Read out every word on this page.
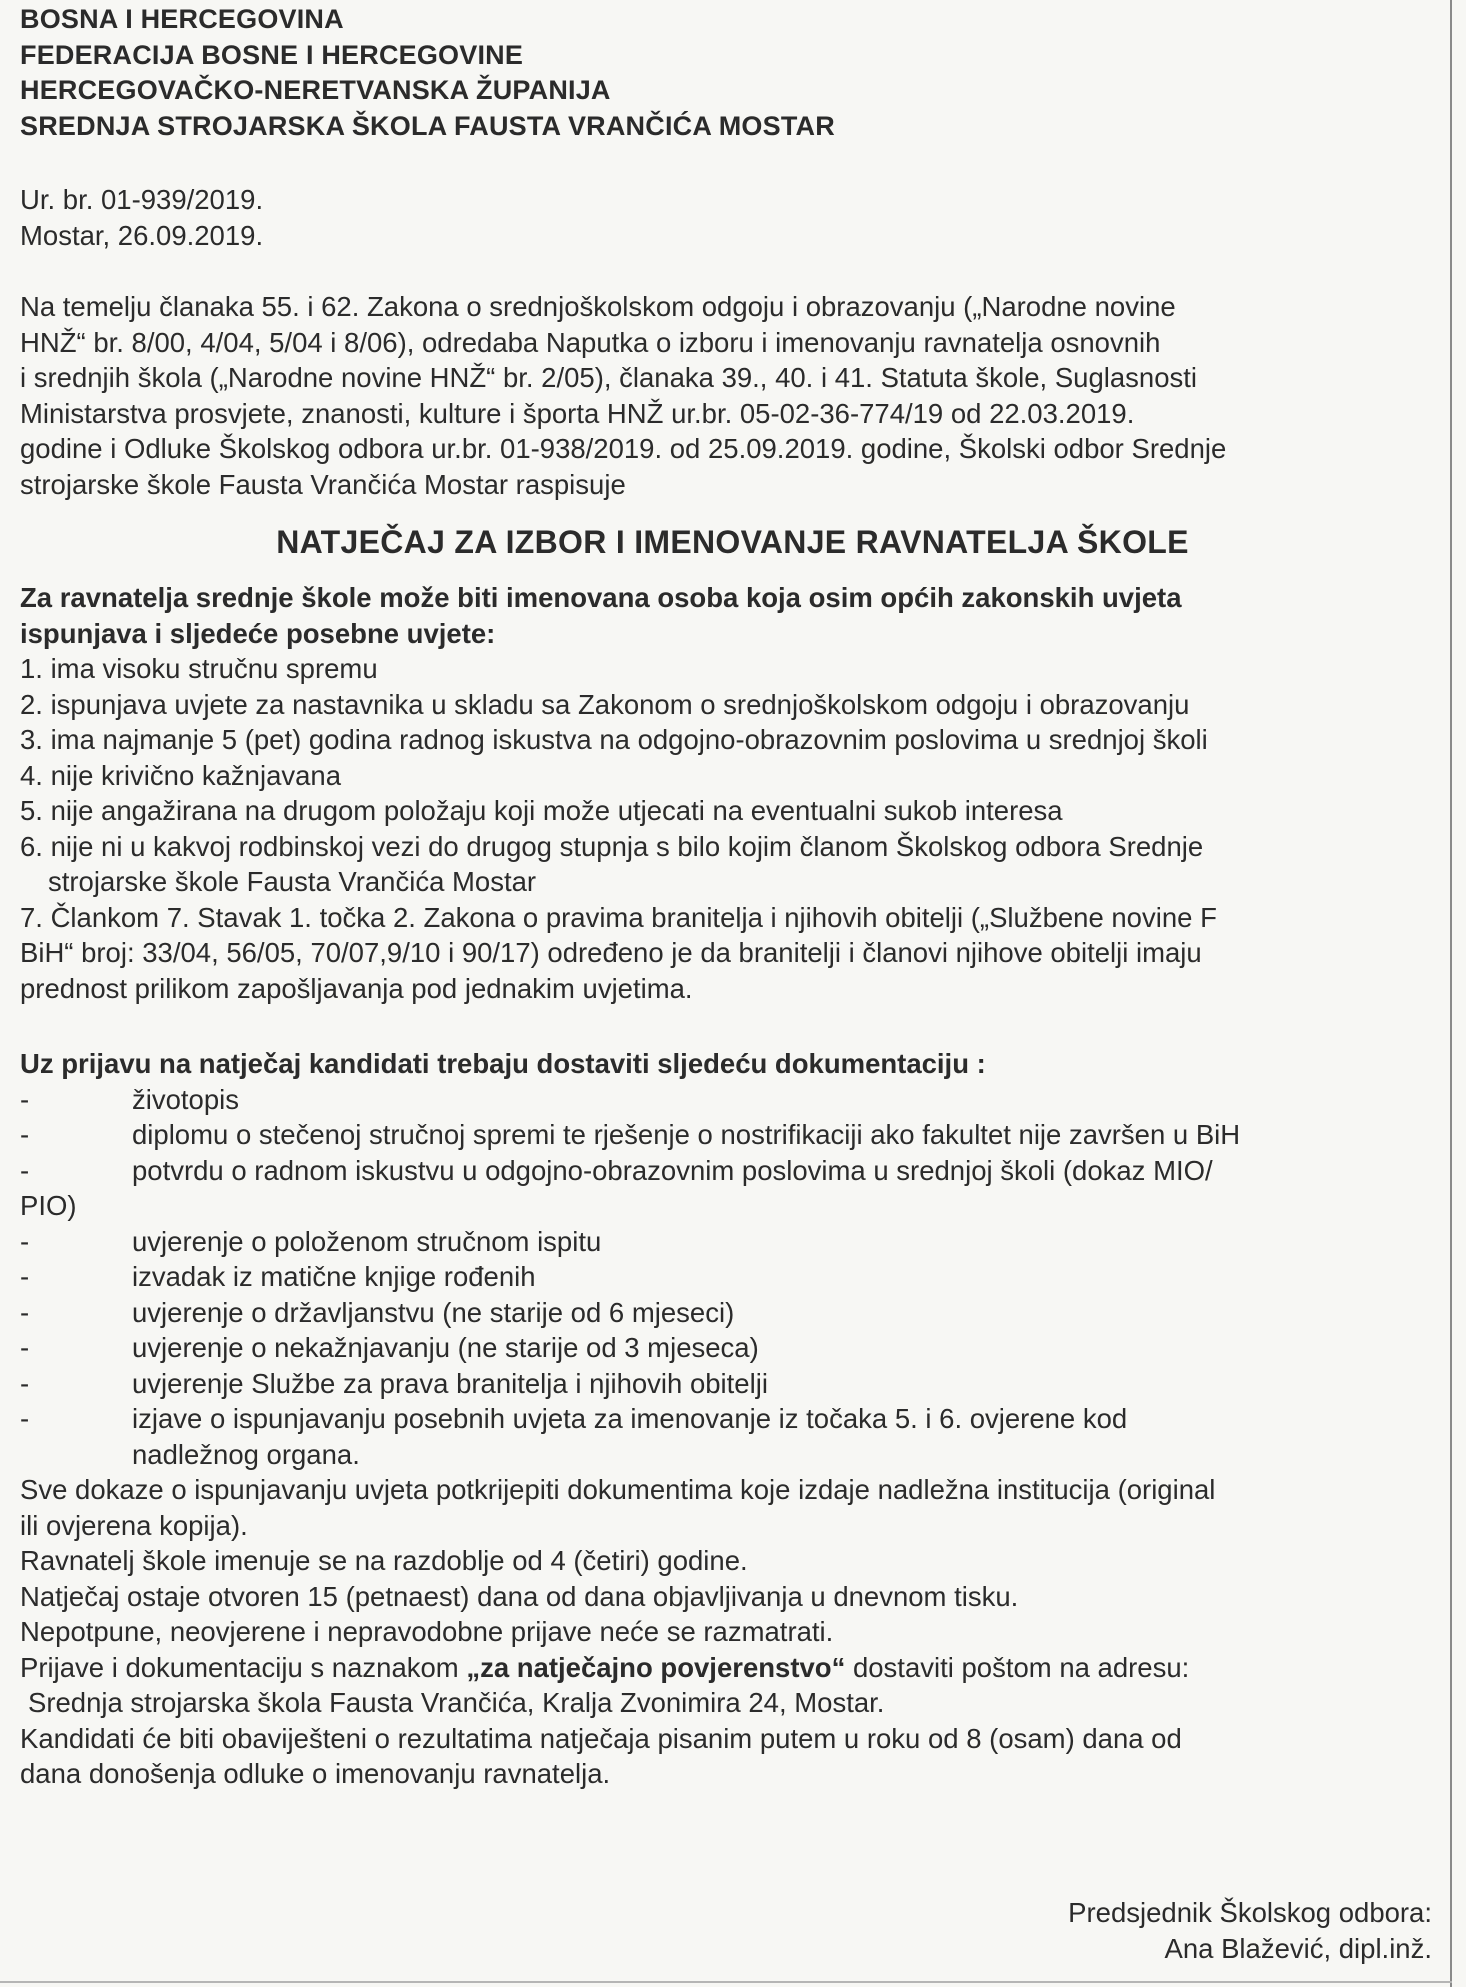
BOSNA I HERCEGOVINA
FEDERACIJA BOSNE I HERCEGOVINE
HERCEGOVAČKO-NERETVANSKA ŽUPANIJA
SREDNJA STROJARSKA ŠKOLA FAUSTA VRANČIĆA MOSTAR
Ur. br. 01-939/2019.
Mostar, 26.09.2019.
Na temelju članaka 55. i 62. Zakona o srednjoškolskom odgoju i obrazovanju („Narodne novine
HNŽ“ br. 8/00, 4/04, 5/04 i 8/06), odredaba Naputka o izboru i imenovanju ravnatelja osnovnih
i srednjih škola („Narodne novine HNŽ“ br. 2/05), članaka 39., 40. i 41. Statuta škole, Suglasnosti
Ministarstva prosvjete, znanosti, kulture i športa HNŽ ur.br. 05-02-36-774/19 od 22.03.2019.
godine i Odluke Školskog odbora ur.br. 01-938/2019. od 25.09.2019. godine, Školski odbor Srednje
strojarske škole Fausta Vrančića Mostar raspisuje
NATJEČAJ ZA IZBOR I IMENOVANJE RAVNATELJA ŠKOLE
Za ravnatelja srednje škole može biti imenovana osoba koja osim općih zakonskih uvjeta
ispunjava i sljedeće posebne uvjete:
1. ima visoku stručnu spremu
2. ispunjava uvjete za nastavnika u skladu sa Zakonom o srednjoškolskom odgoju i obrazovanju
3. ima najmanje 5 (pet) godina radnog iskustva na odgojno-obrazovnim poslovima u srednjoj školi
4. nije krivično kažnjavana
5. nije angažirana na drugom položaju koji može utjecati na eventualni sukob interesa
6. nije ni u kakvoj rodbinskoj vezi do drugog stupnja s bilo kojim članom Školskog odbora Srednje
strojarske škole Fausta Vrančića Mostar
7. Člankom 7. Stavak 1. točka 2. Zakona o pravima branitelja i njihovih obitelji („Službene novine F
BiH“ broj: 33/04, 56/05, 70/07,9/10 i 90/17) određeno je da branitelji i članovi njihove obitelji imaju
prednost prilikom zapošljavanja pod jednakim uvjetima.
Uz prijavu na natječaj kandidati trebaju dostaviti sljedeću dokumentaciju :
-	životopis
-	diplomu o stečenoj stručnoj spremi te rješenje o nostrifikaciji ako fakultet nije završen u BiH
-	potvrdu o radnom iskustvu u odgojno-obrazovnim poslovima u srednjoj školi (dokaz MIO/
PIO)
-	uvjerenje o položenom stručnom ispitu
-	izvadak iz matične knjige rođenih
-	uvjerenje o državljanstvu (ne starije od 6 mjeseci)
-	uvjerenje o nekažnjavanju (ne starije od 3 mjeseca)
-	uvjerenje Službe za prava branitelja i njihovih obitelji
-	izjave o ispunjavanju posebnih uvjeta za imenovanje iz točaka 5. i 6. ovjerene kod
nadležnog organa.
Sve dokaze o ispunjavanju uvjeta potkrijepiti dokumentima koje izdaje nadležna institucija (original
ili ovjerena kopija).
Ravnatelj škole imenuje se na razdoblje od 4 (četiri) godine.
Natječaj ostaje otvoren 15 (petnaest) dana od dana objavljivanja u dnevnom tisku.
Nepotpune, neovjerene i nepravodobne prijave neće se razmatrati.
Prijave i dokumentaciju s naznakom „za natječajno povjerenstvo“ dostaviti poštom na adresu:
Srednja strojarska škola Fausta Vrančića, Kralja Zvonimira 24, Mostar.
Kandidati će biti obaviješteni o rezultatima natječaja pisanim putem u roku od 8 (osam) dana od
dana donošenja odluke o imenovanju ravnatelja.
Predsjednik Školskog odbora:
Ana Blažević, dipl.inž.
